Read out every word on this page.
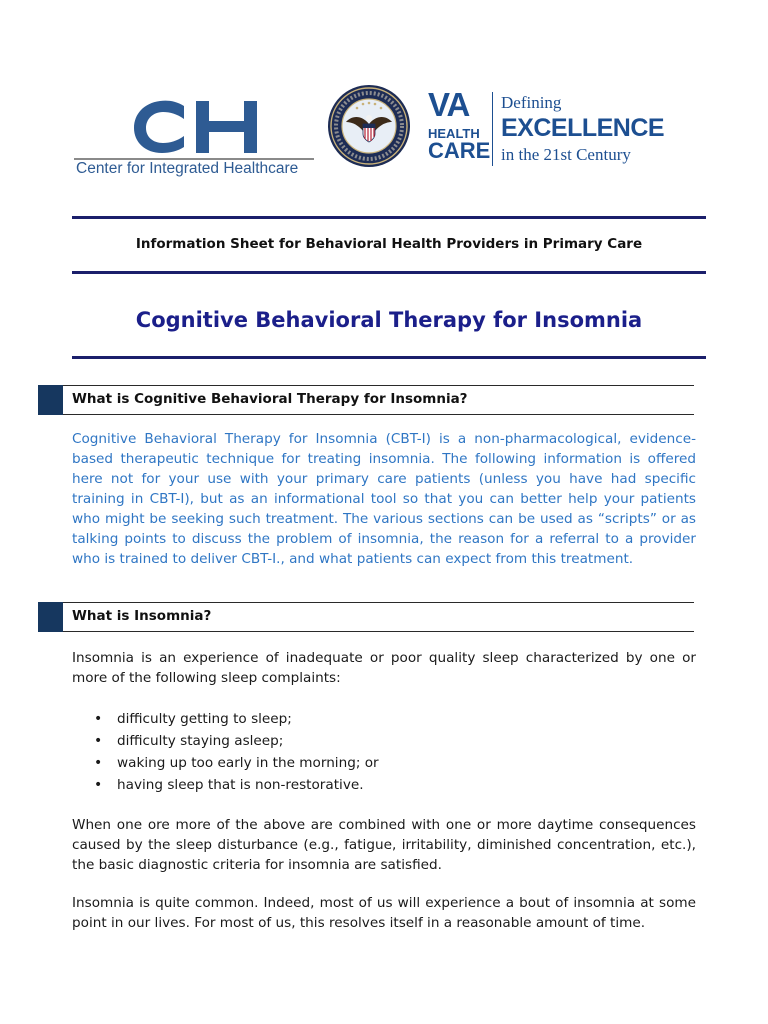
Center for Integrated Healthcare
VA
HEALTH
CARE
Defining
EXCELLENCE
in the 21st Century
Information Sheet for Behavioral Health Providers in Primary Care
Cognitive Behavioral Therapy for Insomnia
What is Cognitive Behavioral Therapy for Insomnia?
Cognitive Behavioral Therapy for Insomnia (CBT-I) is a non-pharmacological, evidence-based therapeutic technique for treating insomnia. The following information is offered here not for your use with your primary care patients (unless you have had specific training in CBT-I), but as an informational tool so that you can better help your patients who might be seeking such treatment. The various sections can be used as “scripts” or as talking points to discuss the problem of insomnia, the reason for a referral to a provider who is trained to deliver CBT-I., and what patients can expect from this treatment.
What is Insomnia?
Insomnia is an experience of inadequate or poor quality sleep characterized by one or more of the following sleep complaints:
• difficulty getting to sleep;
• difficulty staying asleep;
• waking up too early in the morning; or
• having sleep that is non-restorative.
When one ore more of the above are combined with one or more daytime consequences caused by the sleep disturbance (e.g., fatigue, irritability, diminished concentration, etc.), the basic diagnostic criteria for insomnia are satisfied.
Insomnia is quite common. Indeed, most of us will experience a bout of insomnia at some point in our lives. For most of us, this resolves itself in a reasonable amount of time.
